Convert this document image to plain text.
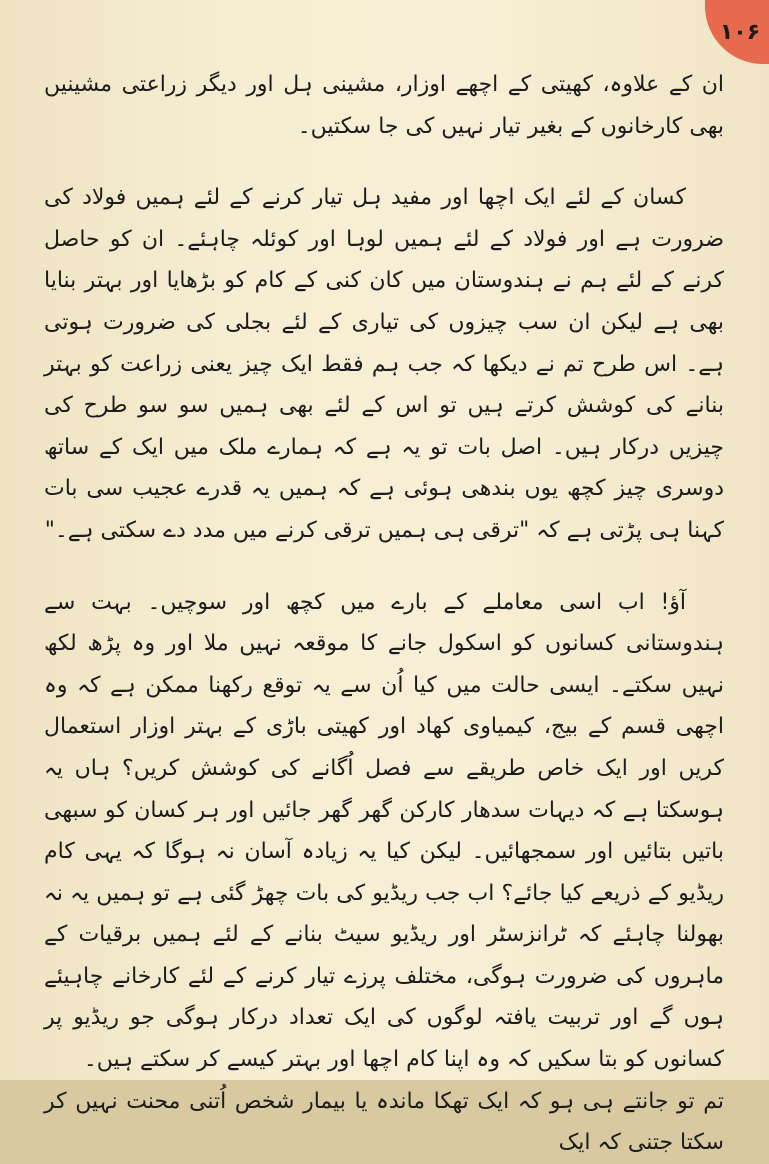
۱۰۶

ان کے علاوہ، کھیتی کے اچھے اوزار، مشینی ہل اور دیگر زراعتی مشینیں بھی کارخانوں کے بغیر تیار نہیں کی جا سکتیں۔

کسان کے لئے ایک اچھا اور مفید ہل تیار کرنے کے لئے ہمیں فولاد کی ضرورت ہے اور فولاد کے لئے ہمیں لوہا اور کوئلہ چاہئے۔ ان کو حاصل کرنے کے لئے ہم نے ہندوستان میں کان کنی کے کام کو بڑھایا اور بہتر بنایا بھی ہے لیکن ان سب چیزوں کی تیاری کے لئے بجلی کی ضرورت ہوتی ہے۔ اس طرح تم نے دیکھا کہ جب ہم فقط ایک چیز یعنی زراعت کو بہتر بنانے کی کوشش کرتے ہیں تو اس کے لئے بھی ہمیں سو سو طرح کی چیزیں درکار ہیں۔ اصل بات تو یہ ہے کہ ہمارے ملک میں ایک کے ساتھ دوسری چیز کچھ یوں بندھی ہوئی ہے کہ ہمیں یہ قدرے عجیب سی بات کہنا ہی پڑتی ہے کہ "ترقی ہی ہمیں ترقی کرنے میں مدد دے سکتی ہے۔"

آؤ! اب اسی معاملے کے بارے میں کچھ اور سوچیں۔ بہت سے ہندوستانی کسانوں کو اسکول جانے کا موقعہ نہیں ملا اور وہ پڑھ لکھ نہیں سکتے۔ ایسی حالت میں کیا اُن سے یہ توقع رکھنا ممکن ہے کہ وہ اچھی قسم کے بیج، کیمیاوی کھاد اور کھیتی باڑی کے بہتر اوزار استعمال کریں اور ایک خاص طریقے سے فصل اُگانے کی کوشش کریں؟ ہاں یہ ہوسکتا ہے کہ دیہات سدھار کارکن گھر گھر جائیں اور ہر کسان کو سبھی باتیں بتائیں اور سمجھائیں۔ لیکن کیا یہ زیادہ آسان نہ ہوگا کہ یہی کام ریڈیو کے ذریعے کیا جائے؟ اب جب ریڈیو کی بات چھڑ گئی ہے تو ہمیں یہ نہ بھولنا چاہئے کہ ٹرانزسٹر اور ریڈیو سیٹ بنانے کے لئے ہمیں برقیات کے ماہروں کی ضرورت ہوگی، مختلف پرزے تیار کرنے کے لئے کارخانے چاہیئے ہوں گے اور تربیت یافتہ لوگوں کی ایک تعداد درکار ہوگی جو ریڈیو پر کسانوں کو بتا سکیں کہ وہ اپنا کام اچھا اور بہتر کیسے کر سکتے ہیں۔

تم تو جانتے ہی ہو کہ ایک تھکا ماندہ یا بیمار شخص اُتنی محنت نہیں کر سکتا جتنی کہ ایک
